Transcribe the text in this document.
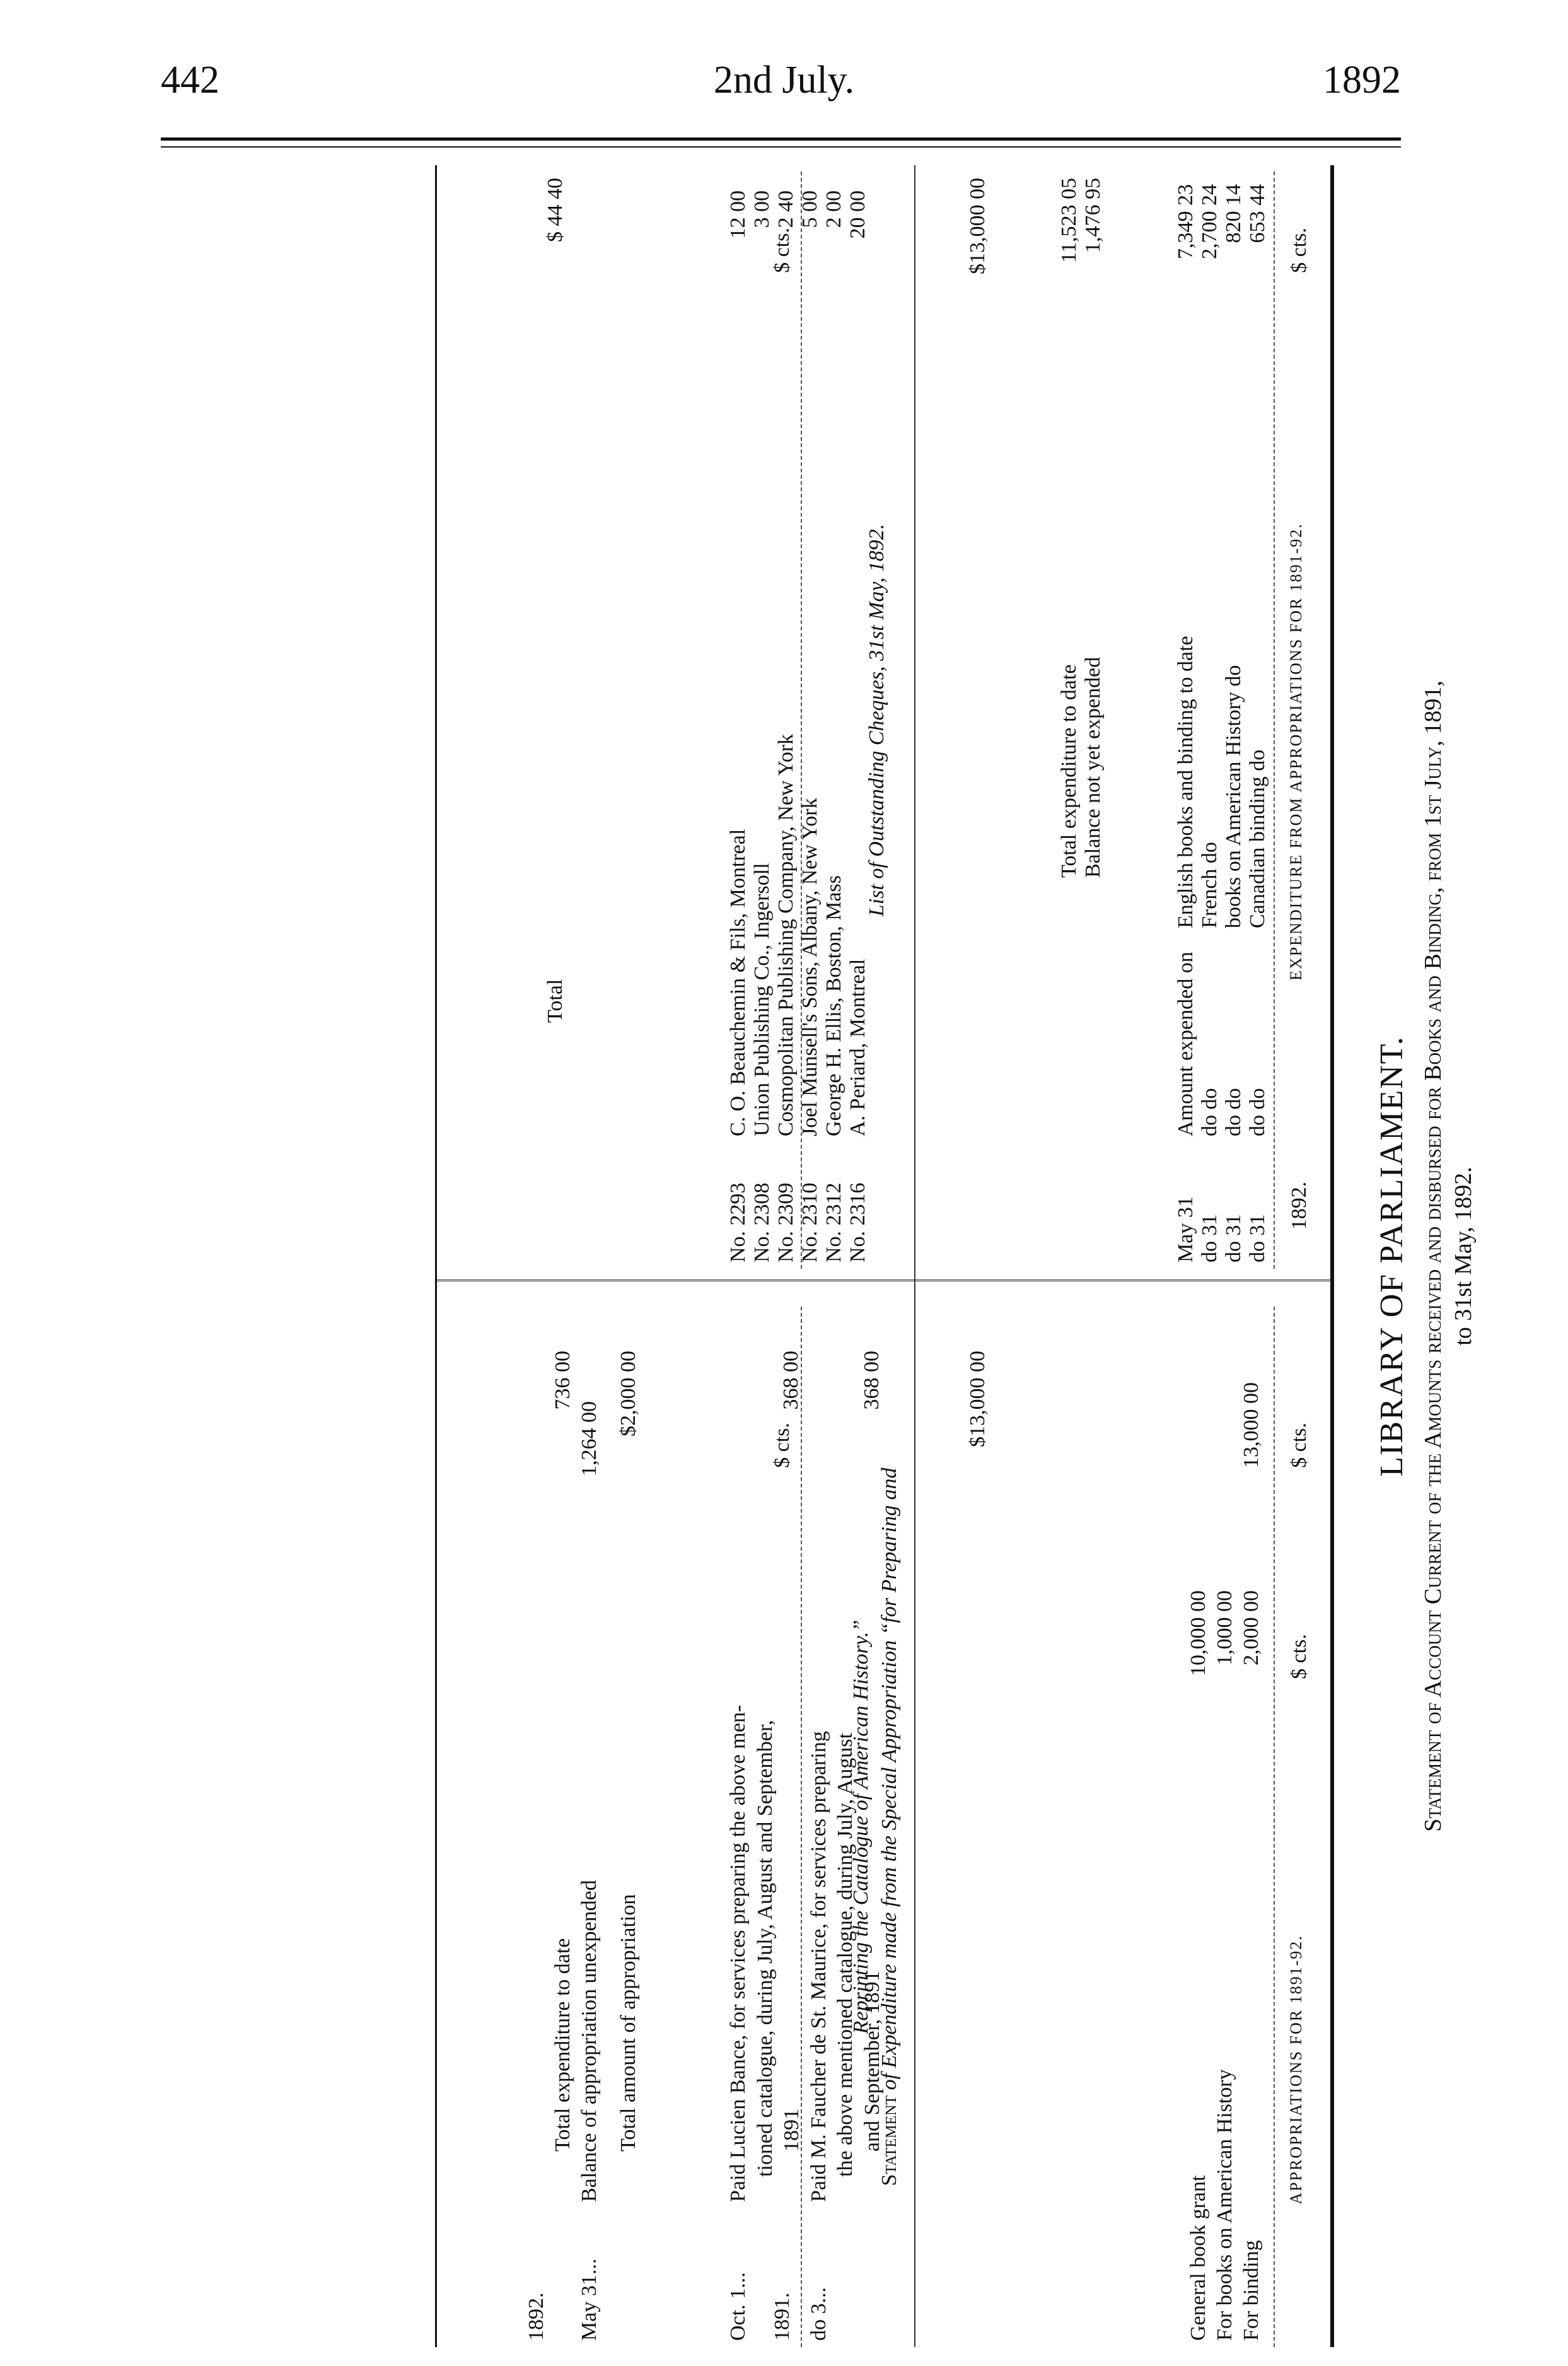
442	2nd July.	1892
LIBRARY OF PARLIAMENT. Statement of Account Current of the Amounts received and disbursed for Books and Binding, from 1st July, 1891, to 31st May, 1892.
APPROPRIATIONS FOR 1891-92.
$ cts.
$ cts.
General book grant
10,000 00
For books on American History
1,000 00
For binding
2,000 00
13,000 00
$13,000 00
1892.
EXPENDITURE FROM APPROPRIATIONS FOR 1891-92.
$ cts.
May 31
Amount expended on
English books and binding to date
7,349 23
do 31
do do
French do
2,700 24
do 31
do do
books on American History do
820 14
do 31
do do
Canadian binding do
653 44
Total expenditure to date
11,523 05
Balance not yet expended
1,476 95
$13,000 00
Statement of Expenditure made from the Special Appropriation “for Preparing and
Reprinting the Catalogue of American History.”
1891.
$ cts.
Oct. 1...
Paid Lucien Bance, for services preparing the above men- tioned catalogue, during July, August and September, 1891
368 00
do 3...
Paid M. Faucher de St. Maurice, for services preparing the above mentioned catalogue, during July, August and September, 1891
368 00
1892.
Total expenditure to date
736 00
May 31...
Balance of appropriation unexpended
1,264 00
Total amount of appropriation
$2,000 00
List of Outstanding Cheques, 31st May, 1892.
$ cts.
No. 2293
C. O. Beauchemin & Fils, Montreal
12 00
No. 2308
Union Publishing Co., Ingersoll
3 00
No. 2309
Cosmopolitan Publishing Company, New York
2 40
No. 2310
Joel Munsell's Sons, Albany, New York
5 00
No. 2312
George H. Ellis, Boston, Mass
2 00
No. 2316
A. Periard, Montreal
20 00
Total
$ 44 40
